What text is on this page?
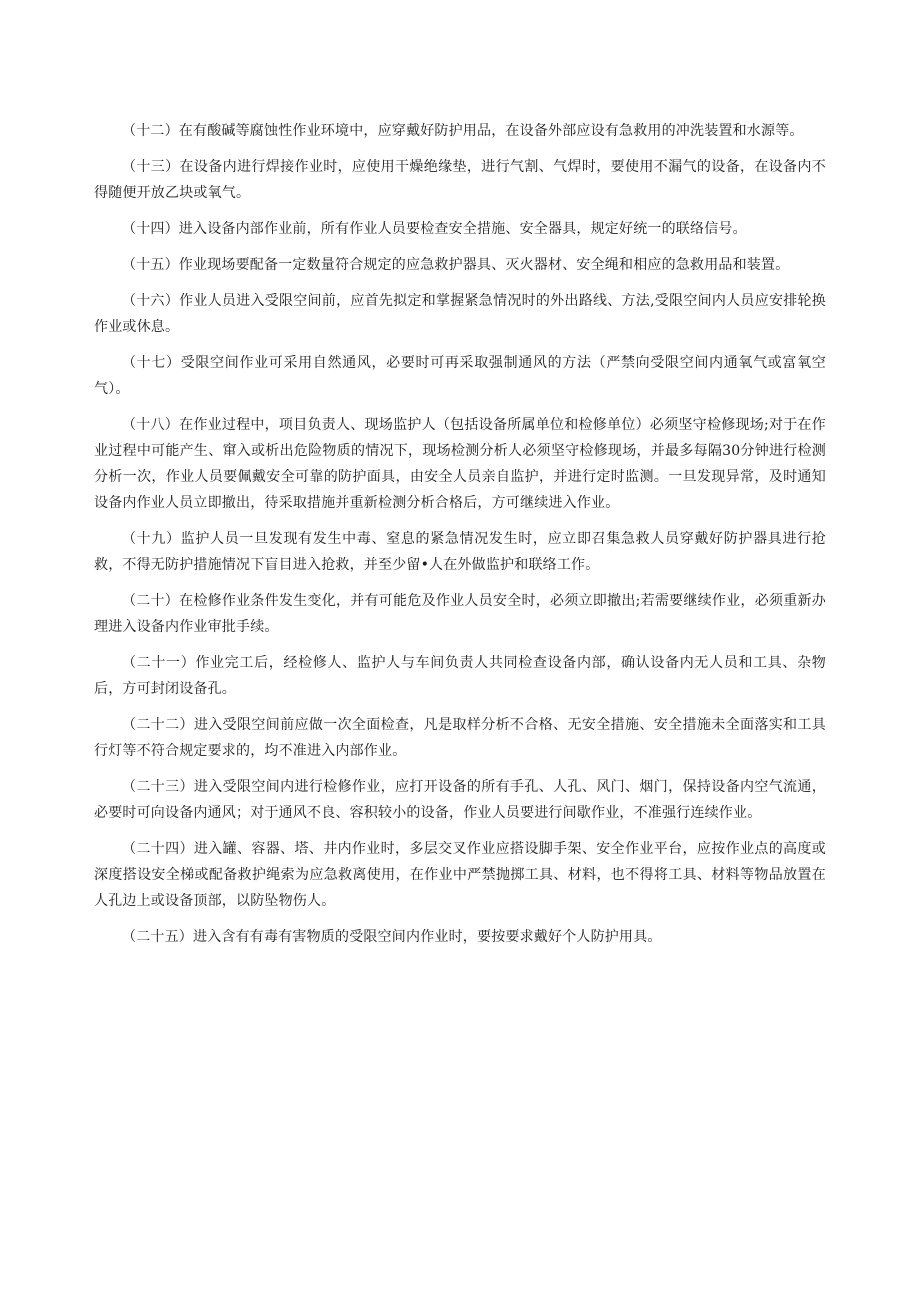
（十二）在有酸碱等腐蚀性作业环境中，应穿戴好防护用品，在设备外部应设有急救用的冲洗装置和水源等。

（十三）在设备内进行焊接作业时，应使用干燥绝缘垫，进行气割、气焊时，要使用不漏气的设备，在设备内不得随便开放乙块或氧气。

（十四）进入设备内部作业前，所有作业人员要检查安全措施、安全器具，规定好统一的联络信号。

（十五）作业现场要配备一定数量符合规定的应急救护器具、灭火器材、安全绳和相应的急救用品和装置。

（十六）作业人员进入受限空间前，应首先拟定和掌握紧急情况时的外出路线、方法,受限空间内人员应安排轮换作业或休息。

（十七）受限空间作业可采用自然通风，必要时可再采取强制通风的方法（严禁向受限空间内通氧气或富氧空气）。

（十八）在作业过程中，项目负责人、现场监护人（包括设备所属单位和检修单位）必须坚守检修现场;对于在作业过程中可能产生、窜入或析出危险物质的情况下，现场检测分析人必须坚守检修现场，并最多每隔30分钟进行检测分析一次，作业人员要佩戴安全可靠的防护面具，由安全人员亲自监护，并进行定时监测。一旦发现异常，及时通知设备内作业人员立即撤出，待采取措施并重新检测分析合格后，方可继续进入作业。

（十九）监护人员一旦发现有发生中毒、窒息的紧急情况发生时，应立即召集急救人员穿戴好防护器具进行抢救，不得无防护措施情况下盲目进入抢救，并至少留•人在外做监护和联络工作。

（二十）在检修作业条件发生变化，并有可能危及作业人员安全时，必须立即撤出;若需要继续作业，必须重新办理进入设备内作业审批手续。

（二十一）作业完工后，经检修人、监护人与车间负责人共同检查设备内部，确认设备内无人员和工具、杂物后，方可封闭设备孔。

（二十二）进入受限空间前应做一次全面检查，凡是取样分析不合格、无安全措施、安全措施未全面落实和工具行灯等不符合规定要求的，均不准进入内部作业。

（二十三）进入受限空间内进行检修作业，应打开设备的所有手孔、人孔、风门、烟门，保持设备内空气流通，必要时可向设备内通风；对于通风不良、容积较小的设备，作业人员要进行间歇作业，不准强行连续作业。

（二十四）进入罐、容器、塔、井内作业时，多层交叉作业应搭设脚手架、安全作业平台，应按作业点的高度或深度搭设安全梯或配备救护绳索为应急救离使用，在作业中严禁抛掷工具、材料，也不得将工具、材料等物品放置在人孔边上或设备顶部，以防坠物伤人。

（二十五）进入含有有毒有害物质的受限空间内作业时，要按要求戴好个人防护用具。
